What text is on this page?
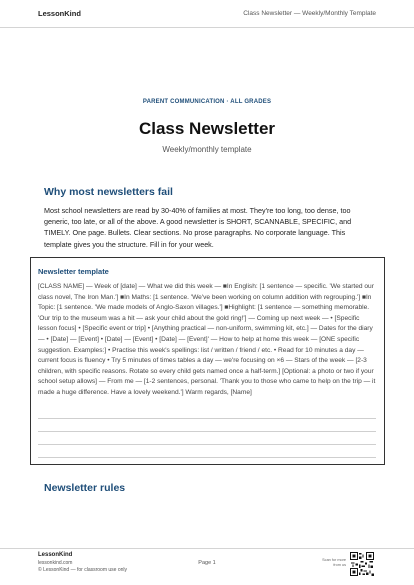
LessonKind	Class Newsletter — Weekly/Monthly Template
PARENT COMMUNICATION · ALL GRADES
Class Newsletter
Weekly/monthly template
Why most newsletters fail

Most school newsletters are read by 30-40% of families at most. They're too long, too dense, too generic, too late, or all of the above. A good newsletter is SHORT, SCANNABLE, SPECIFIC, and TIMELY. One page. Bullets. Clear sections. No prose paragraphs. No corporate language. This template gives you the structure. Fill in for your week.

Newsletter template

[CLASS NAME] — Week of [date] — What we did this week — ■In English: [1 sentence — specific. 'We started our class novel, The Iron Man.'] ■In Maths: [1 sentence. 'We've been working on column addition with regrouping.'] ■In Topic: [1 sentence. 'We made models of Anglo-Saxon villages.'] ■Highlight: [1 sentence — something memorable. 'Our trip to the museum was a hit — ask your child about the gold ring!'] — Coming up next week — • [Specific lesson focus] • [Specific event or trip] • [Anything practical — non-uniform, swimming kit, etc.] — Dates for the diary — • [Date] — [Event] • [Date] — [Event] • [Date] — [Event]' — How to help at home this week — [ONE specific suggestion. Examples:] • Practise this week's spellings: list / written / friend / etc. • Read for 10 minutes a day — current focus is fluency • Try 5 minutes of times tables a day — we're focusing on ×6 — Stars of the week — [2-3 children, with specific reasons. Rotate so every child gets named once a half-term.] [Optional: a photo or two if your school setup allows] — From me — [1-2 sentences, personal. 'Thank you to those who came to help on the trip — it made a huge difference. Have a lovely weekend.'] Warm regards, [Name]

Newsletter rules
LessonKind
lessonkind.com
© LessonKind — for classroom use only
Page 1	Scan for more from us
